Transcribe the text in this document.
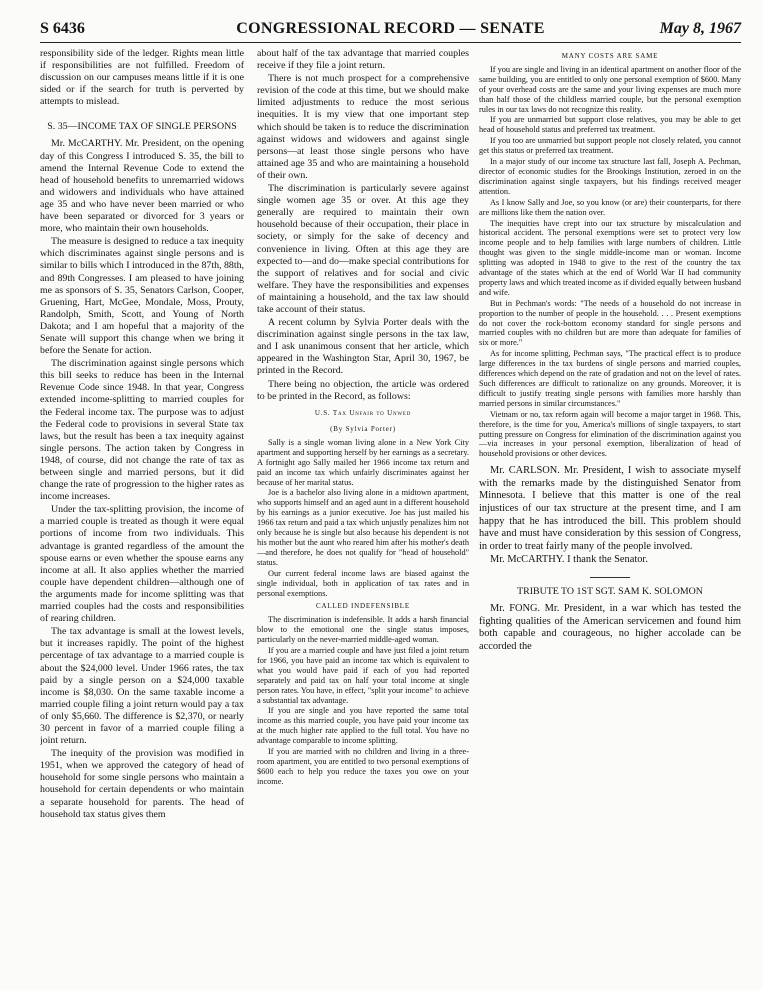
S 6436	CONGRESSIONAL RECORD — SENATE	May 8, 1967

responsibility side of the ledger. Rights mean little if responsibilities are not fulfilled. Freedom of discussion on our campuses means little if it is one sided or if the search for truth is perverted by attempts to mislead.

S. 35—INCOME TAX OF SINGLE PERSONS

Mr. McCARTHY. Mr. President, on the opening day of this Congress I introduced S. 35, the bill to amend the Internal Revenue Code to extend the head of household benefits to unremarried widows and widowers and individuals who have attained age 35 and who have never been married or who have been separated or divorced for 3 years or more, who maintain their own households.

The measure is designed to reduce a tax inequity which discriminates against single persons and is similar to bills which I introduced in the 87th, 88th, and 89th Congresses. I am pleased to have joining me as sponsors of S. 35, Senators Carlson, Cooper, Gruening, Hart, McGee, Mondale, Moss, Prouty, Randolph, Smith, Scott, and Young of North Dakota; and I am hopeful that a majority of the Senate will support this change when we bring it before the Senate for action.

The discrimination against single persons which this bill seeks to reduce has been in the Internal Revenue Code since 1948. In that year, Congress extended income-splitting to married couples for the Federal income tax. The purpose was to adjust the Federal code to provisions in several State tax laws, but the result has been a tax inequity against single persons. The action taken by Congress in 1948, of course, did not change the rate of tax as between single and married persons, but it did change the rate of progression to the higher rates as income increases.

Under the tax-splitting provision, the income of a married couple is treated as though it were equal portions of income from two individuals. This advantage is granted regardless of the amount the spouse earns or even whether the spouse earns any income at all. It also applies whether the married couple have dependent children—although one of the arguments made for income splitting was that married couples had the costs and responsibilities of rearing children.

The tax advantage is small at the lowest levels, but it increases rapidly. The point of the highest percentage of tax advantage to a married couple is about the $24,000 level. Under 1966 rates, the tax paid by a single person on a $24,000 taxable income is $8,030. On the same taxable income a married couple filing a joint return would pay a tax of only $5,660. The difference is $2,370, or nearly 30 percent in favor of a married couple filing a joint return.

The inequity of the provision was modified in 1951, when we approved the category of head of household for some single persons who maintain a household for certain dependents or who maintain a separate household for parents. The head of household tax status gives them

about half of the tax advantage that married couples receive if they file a joint return.

There is not much prospect for a comprehensive revision of the code at this time, but we should make limited adjustments to reduce the most serious inequities. It is my view that one important step which should be taken is to reduce the discrimination against widows and widowers and against single persons—at least those single persons who have attained age 35 and who are maintaining a household of their own.

The discrimination is particularly severe against single women age 35 or over. At this age they generally are required to maintain their own household because of their occupation, their place in society, or simply for the sake of decency and convenience in living. Often at this age they are expected to—and do—make special contributions for the support of relatives and for social and civic welfare. They have the responsibilities and expenses of maintaining a household, and the tax law should take account of their status.

A recent column by Sylvia Porter deals with the discrimination against single persons in the tax law, and I ask unanimous consent that her article, which appeared in the Washington Star, April 30, 1967, be printed in the Record.

There being no objection, the article was ordered to be printed in the Record, as follows:

U.S. Tax Unfair to Unwed
(By Sylvia Porter)

Sally is a single woman living alone in a New York City apartment and supporting herself by her earnings as a secretary. A fortnight ago Sally mailed her 1966 income tax return and paid an income tax which unfairly discriminates against her because of her marital status.

Joe is a bachelor also living alone in a midtown apartment, who supports himself and an aged aunt in a different household by his earnings as a junior executive. Joe has just mailed his 1966 tax return and paid a tax which unjustly penalizes him not only because he is single but also because his dependent is not his mother but the aunt who reared him after his mother's death—and therefore, he does not qualify for "head of household" status.

Our current federal income laws are biased against the single individual, both in application of tax rates and in personal exemptions.

CALLED INDEFENSIBLE

The discrimination is indefensible. It adds a harsh financial blow to the emotional one the single status imposes, particularly on the never-married middle-aged woman.

If you are a married couple and have just filed a joint return for 1966, you have paid an income tax which is equivalent to what you would have paid if each of you had reported separately and paid tax on half your total income at single person rates. You have, in effect, "split your income" to achieve a substantial tax advantage.

If you are single and you have reported the same total income as this married couple, you have paid your income tax at the much higher rate applied to the full total. You have no advantage comparable to income splitting.

If you are married with no children and living in a three-room apartment, you are entitled to two personal exemptions of $600 each to help you reduce the taxes you owe on your income.

MANY COSTS ARE SAME

If you are single and living in an identical apartment on another floor of the same building, you are entitled to only one personal exemption of $600. Many of your overhead costs are the same and your living expenses are much more than half those of the childless married couple, but the personal exemption rules in our tax laws do not recognize this reality.

If you are unmarried but support close relatives, you may be able to get head of household status and preferred tax treatment.

If you too are unmarried but support people not closely related, you cannot get this status or preferred tax treatment.

In a major study of our income tax structure last fall, Joseph A. Pechman, director of economic studies for the Brookings Institution, zeroed in on the discrimination against single taxpayers, but his findings received meager attention.

As I know Sally and Joe, so you know (or are) their counterparts, for there are millions like them the nation over.

The inequities have crept into our tax structure by miscalculation and historical accident. The personal exemptions were set to protect very low income people and to help families with large numbers of children. Little thought was given to the single middle-income man or woman. Income splitting was adopted in 1948 to give to the rest of the country the tax advantage of the states which at the end of World War II had community property laws and which treated income as if divided equally between husband and wife.

But in Pechman's words: "The needs of a household do not increase in proportion to the number of people in the household. . . . Present exemptions do not cover the rock-bottom economy standard for single persons and married couples with no children but are more than adequate for families of six or more."

As for income splitting, Pechman says, "The practical effect is to produce large differences in the tax burdens of single persons and married couples, differences which depend on the rate of gradation and not on the level of rates. Such differences are difficult to rationalize on any grounds. Moreover, it is difficult to justify treating single persons with families more harshly than married persons in similar circumstances."

Vietnam or no, tax reform again will become a major target in 1968. This, therefore, is the time for you, America's millions of single taxpayers, to start putting pressure on Congress for elimination of the discrimination against you—via increases in your personal exemption, liberalization of head of household provisions or other devices.

Mr. CARLSON. Mr. President, I wish to associate myself with the remarks made by the distinguished Senator from Minnesota. I believe that this matter is one of the real injustices of our tax structure at the present time, and I am happy that he has introduced the bill. This problem should have and must have consideration by this session of Congress, in order to treat fairly many of the people involved.

Mr. McCARTHY. I thank the Senator.

TRIBUTE TO 1ST SGT. SAM K. SOLOMON

Mr. FONG. Mr. President, in a war which has tested the fighting qualities of the American servicemen and found him both capable and courageous, no higher accolade can be accorded the
